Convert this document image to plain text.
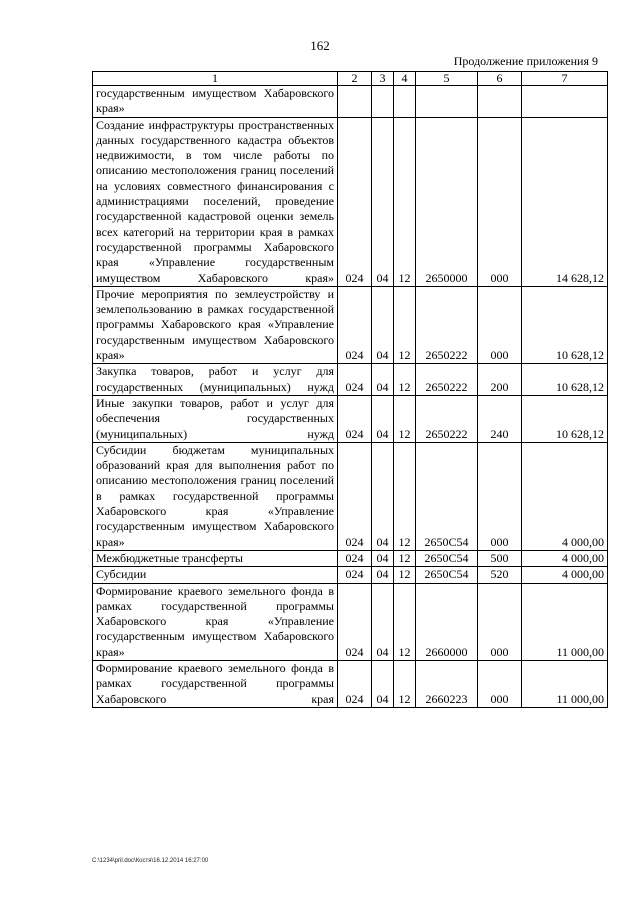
162
Продолжение приложения 9
1	2	3	4	5	6	7
государственным имуществом Хабаровского края»						
Создание инфраструктуры пространственных данных государственного кадастра объектов недвижимости, в том числе работы по описанию местоположения границ поселений на условиях совместного финансирования с администрациями поселений, проведение государственной кадастровой оценки земель всех категорий на территории края в рамках государственной программы Хабаровского края «Управление государственным имуществом Хабаровского края»	024	04	12	2650000	000	14 628,12
Прочие мероприятия по землеустройству и землепользованию в рамках государственной программы Хабаровского края «Управление государственным имуществом Хабаровского края»	024	04	12	2650222	000	10 628,12
Закупка товаров, работ и услуг для государственных (муниципальных) нужд	024	04	12	2650222	200	10 628,12
Иные закупки товаров, работ и услуг для обеспечения государственных (муниципальных) нужд	024	04	12	2650222	240	10 628,12
Субсидии бюджетам муниципальных образований края для выполнения работ по описанию местоположения границ поселений в рамках государственной программы Хабаровского края «Управление государственным имуществом Хабаровского края»	024	04	12	2650С54	000	4 000,00
Межбюджетные трансферты	024	04	12	2650С54	500	4 000,00
Субсидии	024	04	12	2650С54	520	4 000,00
Формирование краевого земельного фонда в рамках государственной программы Хабаровского края «Управление государственным имуществом Хабаровского края»	024	04	12	2660000	000	11 000,00
Формирование краевого земельного фонда в рамках государственной программы Хабаровского края	024	04	12	2660223	000	11 000,00
C:\1234\pril.doc\Костя\16.12.2014 16:27:00
